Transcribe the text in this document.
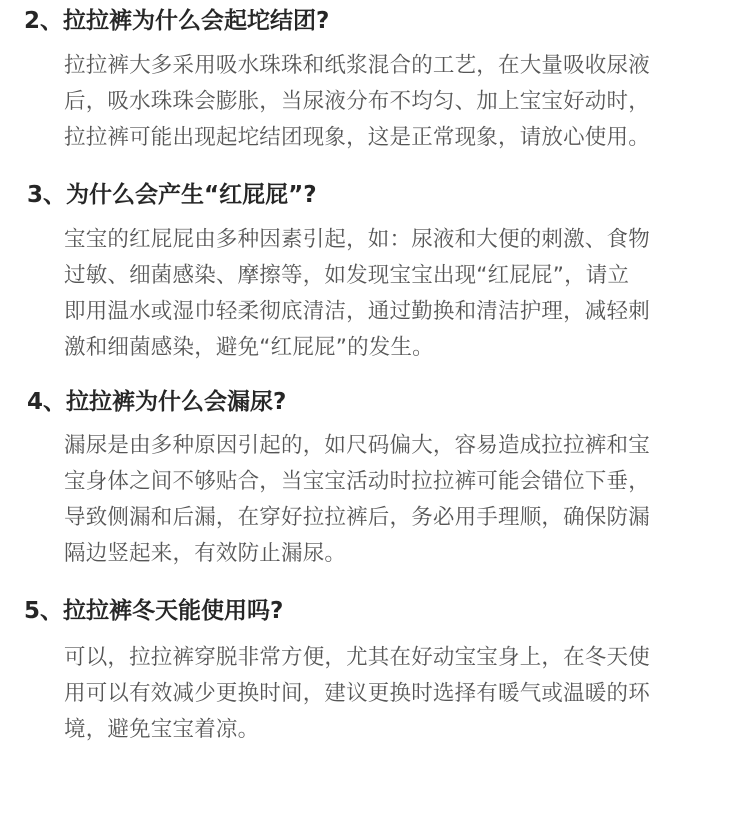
2、拉拉裤为什么会起坨结团?

拉拉裤大多采用吸水珠珠和纸浆混合的工艺，在大量吸收尿液
后，吸水珠珠会膨胀，当尿液分布不均匀、加上宝宝好动时，
拉拉裤可能出现起坨结团现象，这是正常现象，请放心使用。

3、为什么会产生“红屁屁”?

宝宝的红屁屁由多种因素引起，如：尿液和大便的刺激、食物
过敏、细菌感染、摩擦等，如发现宝宝出现“红屁屁”，请立
即用温水或湿巾轻柔彻底清洁，通过勤换和清洁护理，减轻刺
激和细菌感染，避免“红屁屁”的发生。

4、拉拉裤为什么会漏尿?

漏尿是由多种原因引起的，如尺码偏大，容易造成拉拉裤和宝
宝身体之间不够贴合，当宝宝活动时拉拉裤可能会错位下垂，
导致侧漏和后漏，在穿好拉拉裤后，务必用手理顺，确保防漏
隔边竖起来，有效防止漏尿。

5、拉拉裤冬天能使用吗?

可以，拉拉裤穿脱非常方便，尤其在好动宝宝身上，在冬天使
用可以有效减少更换时间，建议更换时选择有暖气或温暖的环
境，避免宝宝着凉。
